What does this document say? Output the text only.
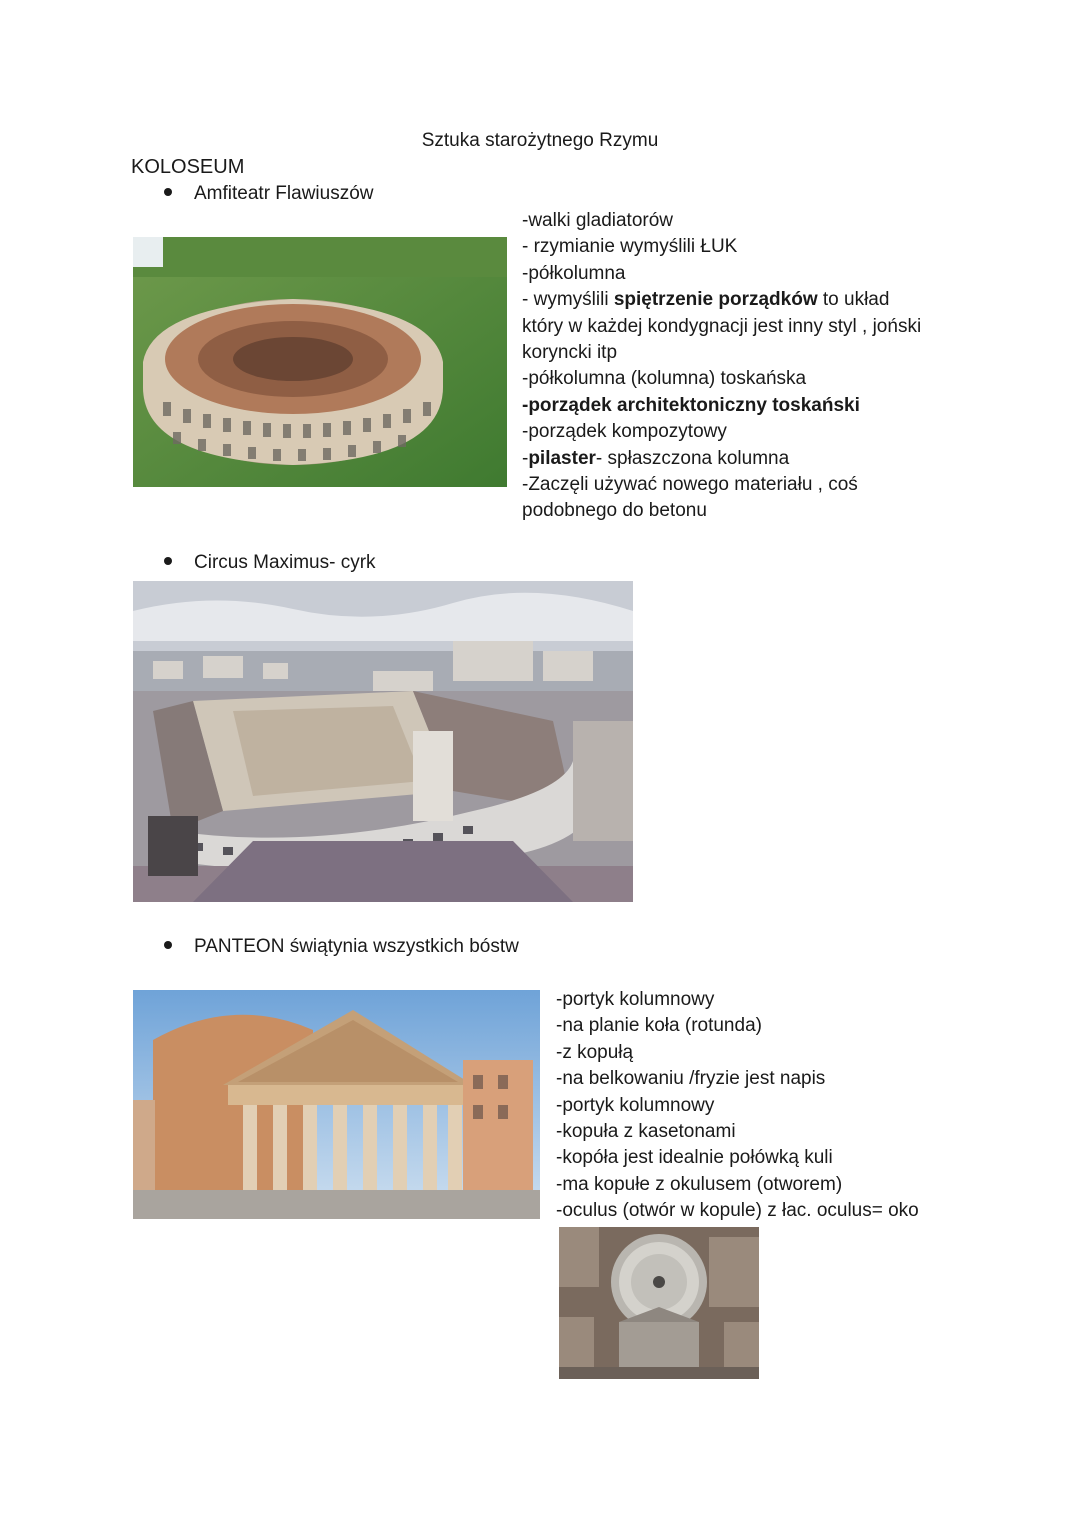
Sztuka starożytnego Rzymu
KOLOSEUM
Amfiteatr Flawiuszów
-walki gladiatorów
- rzymianie wymyślili ŁUK
-półkolumna
- wymyślili spiętrzenie porządków to układ
który w każdej kondygnacji jest inny styl , joński
koryncki itp
-półkolumna (kolumna) toskańska
-porządek architektoniczny toskański
-porządek kompozytowy
-pilaster- spłaszczona kolumna
-Zaczęli używać nowego materiału , coś
podobnego do betonu
Circus Maximus- cyrk
PANTEON świątynia wszystkich bóstw
-portyk kolumnowy
-na planie koła (rotunda)
-z kopułą
-na belkowaniu /fryzie jest napis
-portyk kolumnowy
-kopuła z kasetonami
-kopóła jest idealnie połówką kuli
-ma kopułe z okulusem (otworem)
-oculus (otwór w kopule) z łac. oculus= oko
